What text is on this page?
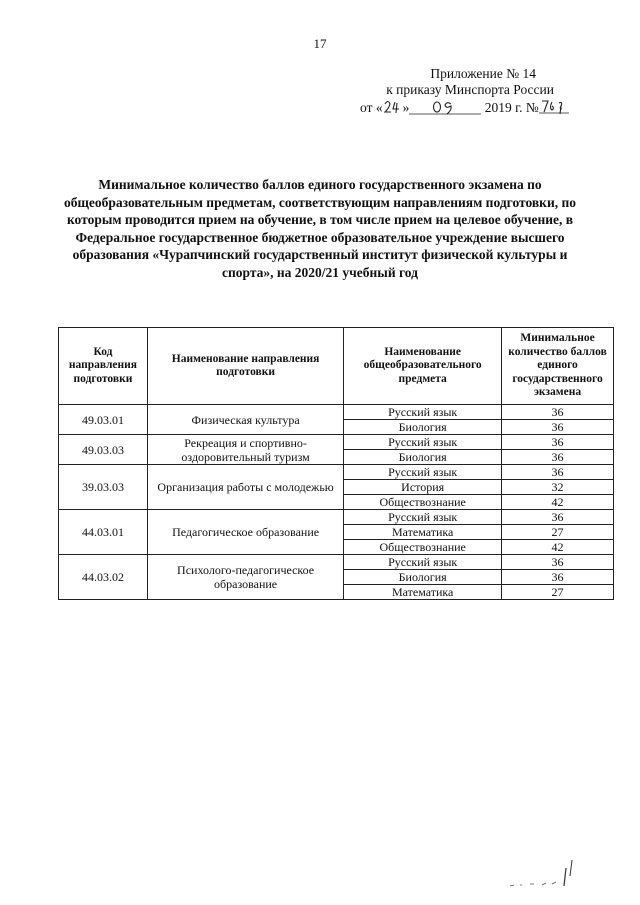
17
Приложение № 14
к приказу Минспорта России
от « »	2019 г. №
Минимальное количество баллов единого государственного экзамена по общеобразовательным предметам, соответствующим направлениям подготовки, по которым проводится прием на обучение, в том числе прием на целевое обучение, в Федеральное государственное бюджетное образовательное учреждение высшего образования «Чурапчинский государственный институт физической культуры и спорта», на 2020/21 учебный год
Код направления подготовки	Наименование направления подготовки	Наименование общеобразовательного предмета	Минимальное количество баллов единого государственного экзамена
49.03.01	Физическая культура	Русский язык	36
		Биология	36
49.03.03	Рекреация и спортивно-оздоровительный туризм	Русский язык	36
		Биология	36
39.03.03	Организация работы с молодежью	Русский язык	36
		История	32
		Обществознание	42
44.03.01	Педагогическое образование	Русский язык	36
		Математика	27
		Обществознание	42
44.03.02	Психолого-педагогическое образование	Русский язык	36
		Биология	36
		Математика	27
